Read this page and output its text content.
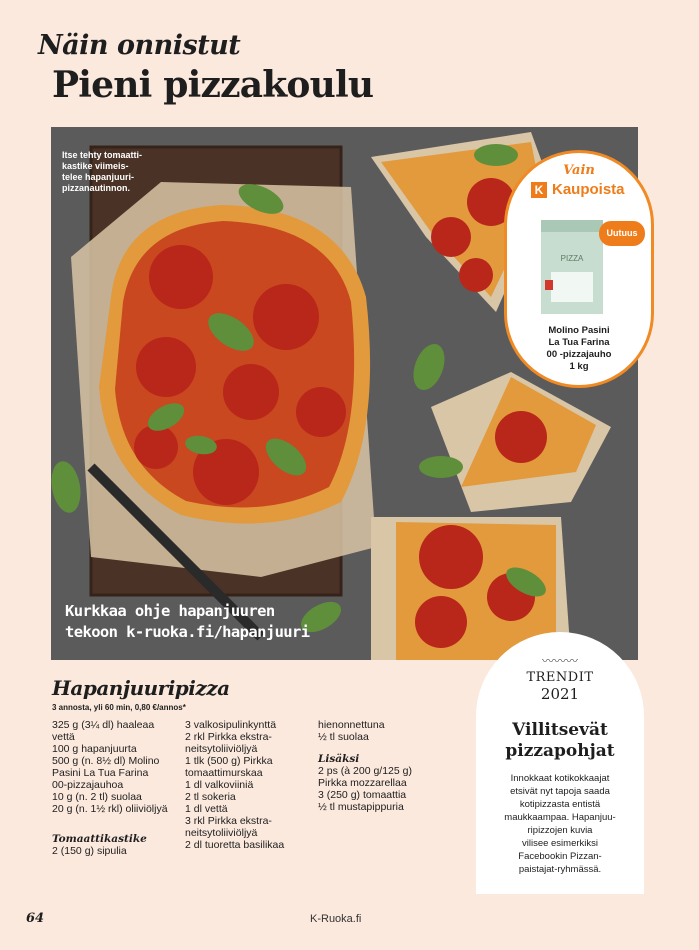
Näin onnistut
Pieni pizzakoulu
Itse tehty tomaatti-
kastike viimeis-
telee hapanjuuri-
pizzanautinnon.
Kurkkaa ohje hapanjuuren
tekoon k-ruoka.fi/hapanjuuri
Vain
K Kaupoista
PIZZA
Uutuus
Molino Pasini
La Tua Farina
00 -pizzajauho
1 kg
Hapanjuuripizza
3 annosta, yli 60 min, 0,80 €/annos*
325 g (3¼ dl) haaleaa
vettä
100 g hapanjuurta
500 g (n. 8½ dl) Molino
Pasini La Tua Farina
00-pizzajauhoa
10 g (n. 2 tl) suolaa
20 g (n. 1½ rkl) oliiviöljyä
Tomaattikastike
2 (150 g) sipulia
3 valkosipulinkynttä
2 rkl Pirkka ekstra-
neitsytoliiviöljyä
1 tlk (500 g) Pirkka
tomaattimurskaa
1 dl valkoviiniä
2 tl sokeria
1 dl vettä
3 rkl Pirkka ekstra-
neitsytoliiviöljyä
2 dl tuoretta basilikaa
hienonnettuna
½ tl suolaa
Lisäksi
2 ps (à 200 g/125 g)
Pirkka mozzarellaa
3 (250 g) tomaattia
½ tl mustapippuria
〰〰〰
TRENDIT
2021
Villitsevät
pizzapohjat
Innokkaat kotikokkaajat
etsivät nyt tapoja saada
kotipizzasta entistä
maukkaampaa. Hapanjuu-
ripizzojen kuvia
vilisee esimerkiksi
Facebookin Pizzan-
paistajat-ryhmässä.
64	K-Ruoka.fi
